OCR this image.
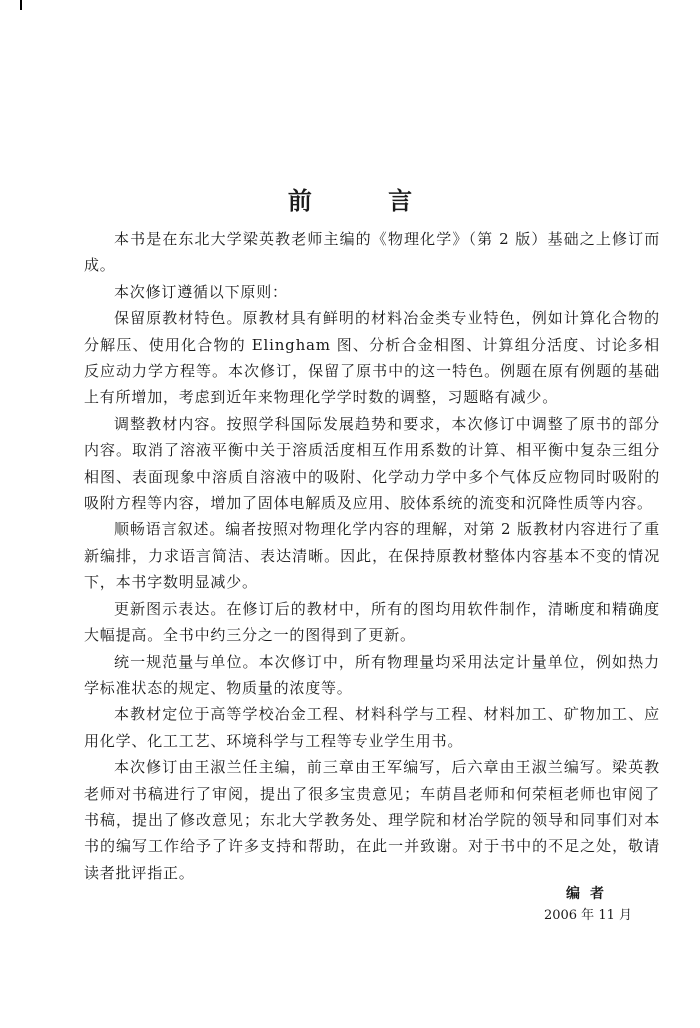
前 言

本书是在东北大学梁英教老师主编的《物理化学》（第 2 版）基础之上修订而成。

本次修订遵循以下原则：

保留原教材特色。原教材具有鲜明的材料冶金类专业特色，例如计算化合物的分解压、使用化合物的 Elingham 图、分析合金相图、计算组分活度、讨论多相反应动力学方程等。本次修订，保留了原书中的这一特色。例题在原有例题的基础上有所增加，考虑到近年来物理化学学时数的调整，习题略有减少。

调整教材内容。按照学科国际发展趋势和要求，本次修订中调整了原书的部分内容。取消了溶液平衡中关于溶质活度相互作用系数的计算、相平衡中复杂三组分相图、表面现象中溶质自溶液中的吸附、化学动力学中多个气体反应物同时吸附的吸附方程等内容，增加了固体电解质及应用、胶体系统的流变和沉降性质等内容。

顺畅语言叙述。编者按照对物理化学内容的理解，对第 2 版教材内容进行了重新编排，力求语言简洁、表达清晰。因此，在保持原教材整体内容基本不变的情况下，本书字数明显减少。

更新图示表达。在修订后的教材中，所有的图均用软件制作，清晰度和精确度大幅提高。全书中约三分之一的图得到了更新。

统一规范量与单位。本次修订中，所有物理量均采用法定计量单位，例如热力学标准状态的规定、物质量的浓度等。

本教材定位于高等学校冶金工程、材料科学与工程、材料加工、矿物加工、应用化学、化工工艺、环境科学与工程等专业学生用书。

本次修订由王淑兰任主编，前三章由王军编写，后六章由王淑兰编写。梁英教老师对书稿进行了审阅，提出了很多宝贵意见；车荫昌老师和何荣桓老师也审阅了书稿，提出了修改意见；东北大学教务处、理学院和材冶学院的领导和同事们对本书的编写工作给予了许多支持和帮助，在此一并致谢。对于书中的不足之处，敬请读者批评指正。

编者
2006 年 11 月
